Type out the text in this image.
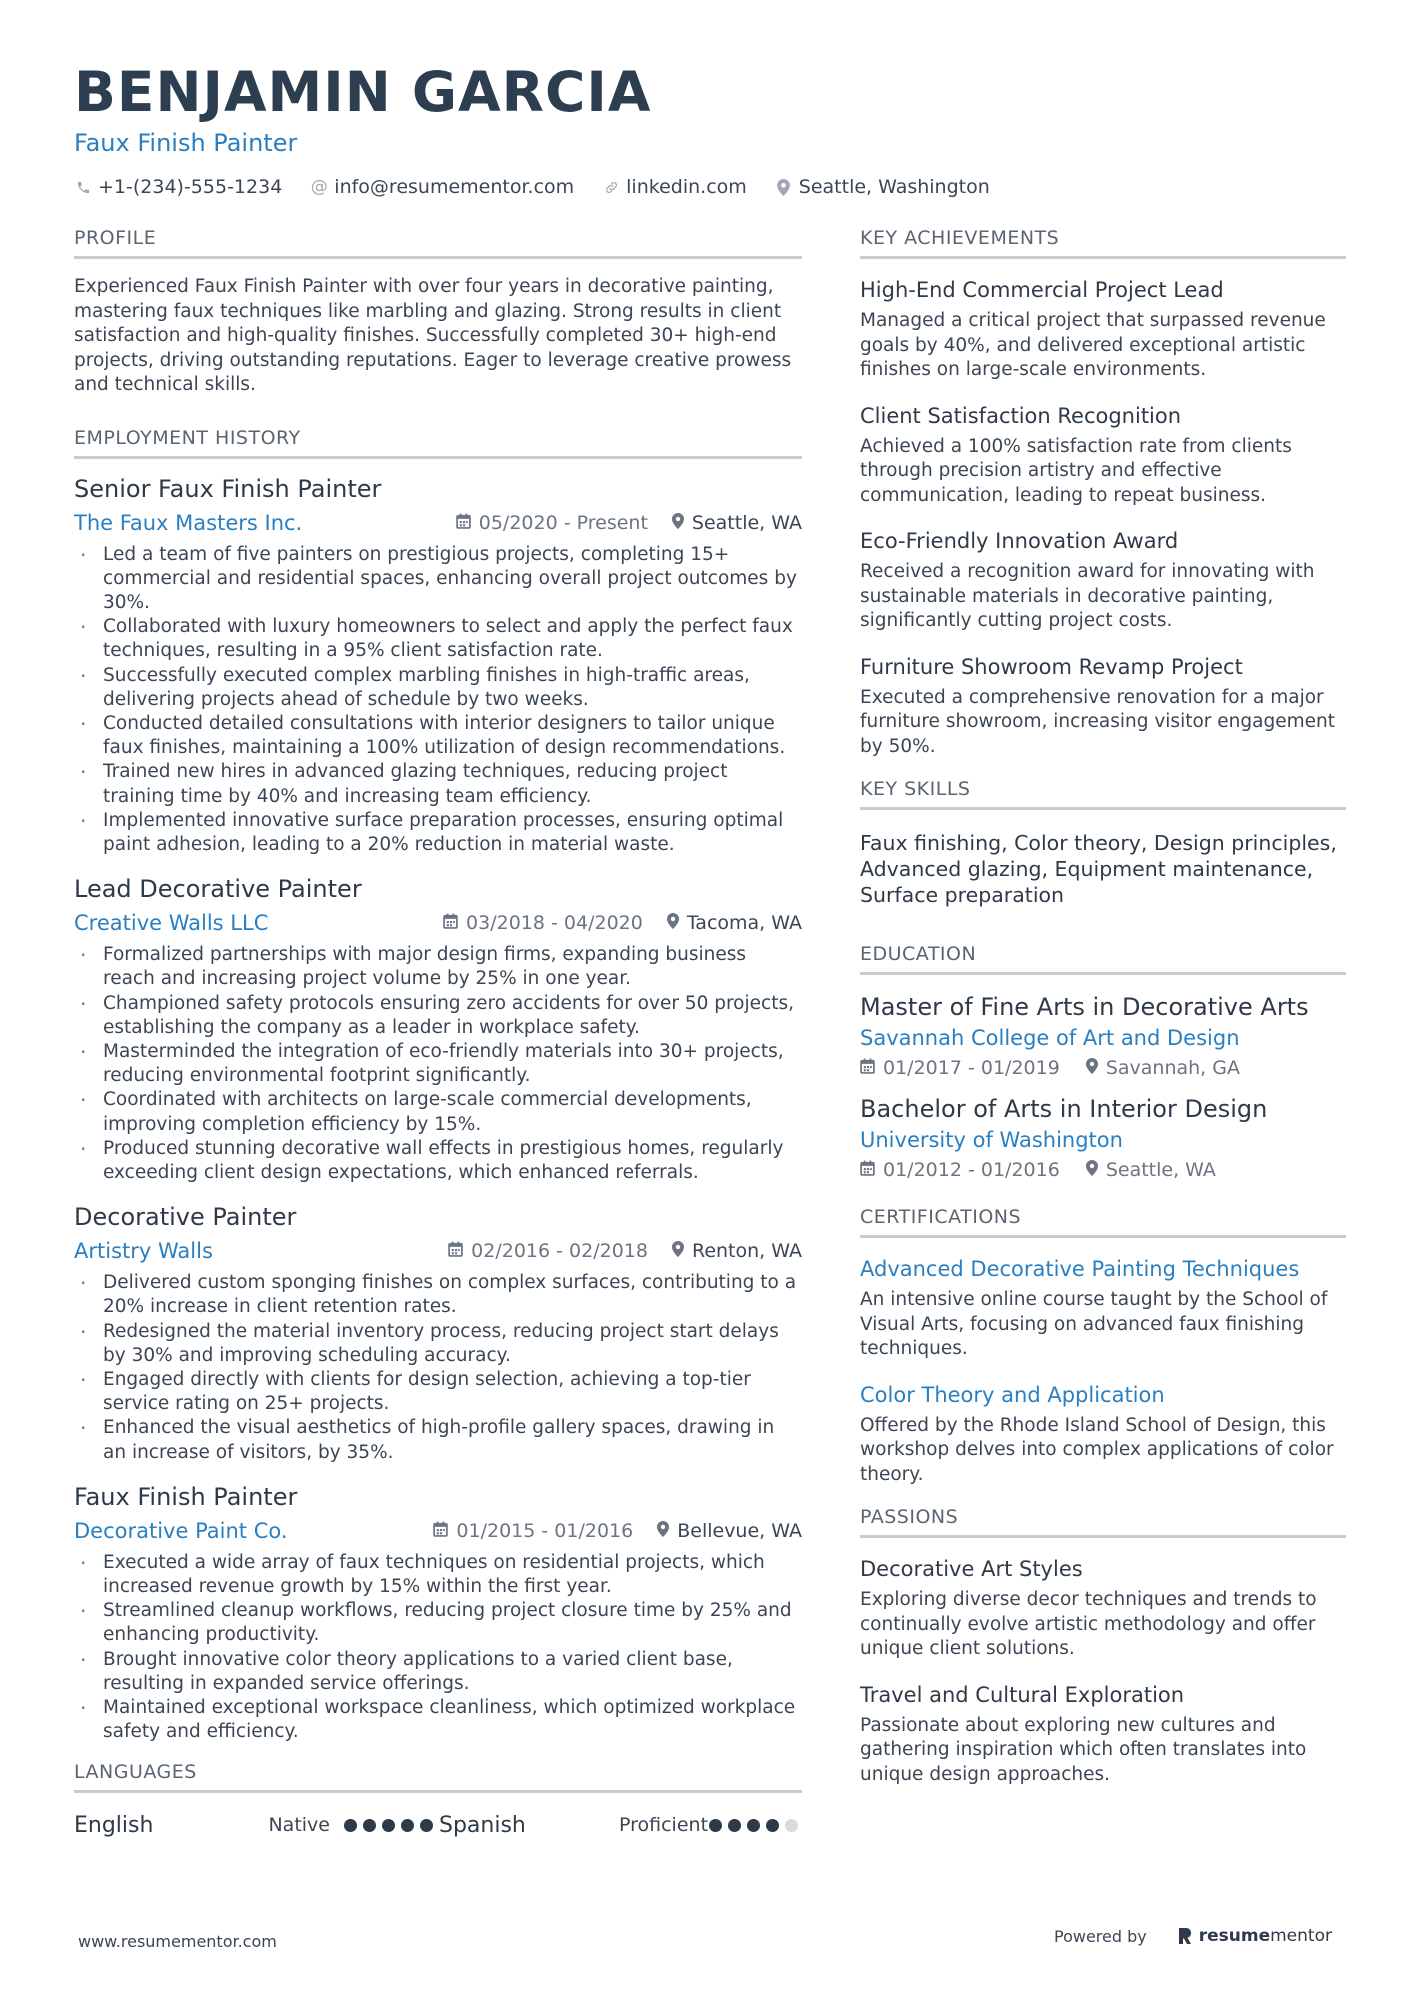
BENJAMIN GARCIA
Faux Finish Painter
+1-(234)-555-1234 @ info@resumementor.com	linkedin.com	Seattle, Washington
PROFILE
Experienced Faux Finish Painter with over four years in decorative painting, mastering faux techniques like marbling and glazing. Strong results in client satisfaction and high-quality finishes. Successfully completed 30+ high-end projects, driving outstanding reputations. Eager to leverage creative prowess and technical skills.
EMPLOYMENT HISTORY
Senior Faux Finish Painter
The Faux Masters Inc.	05/2020 - Present Seattle, WA
· Led a team of five painters on prestigious projects, completing 15+ commercial and residential spaces, enhancing overall project outcomes by 30%.
· Collaborated with luxury homeowners to select and apply the perfect faux techniques, resulting in a 95% client satisfaction rate.
· Successfully executed complex marbling finishes in high-traffic areas, delivering projects ahead of schedule by two weeks.
· Conducted detailed consultations with interior designers to tailor unique faux finishes, maintaining a 100% utilization of design recommendations.
· Trained new hires in advanced glazing techniques, reducing project training time by 40% and increasing team efficiency.
· Implemented innovative surface preparation processes, ensuring optimal paint adhesion, leading to a 20% reduction in material waste.
Lead Decorative Painter
Creative Walls LLC	03/2018 - 04/2020 Tacoma, WA
· Formalized partnerships with major design firms, expanding business reach and increasing project volume by 25% in one year.
· Championed safety protocols ensuring zero accidents for over 50 projects, establishing the company as a leader in workplace safety.
· Masterminded the integration of eco-friendly materials into 30+ projects, reducing environmental footprint significantly.
· Coordinated with architects on large-scale commercial developments, improving completion efficiency by 15%.
· Produced stunning decorative wall effects in prestigious homes, regularly exceeding client design expectations, which enhanced referrals.
Decorative Painter
Artistry Walls	02/2016 - 02/2018 Renton, WA
· Delivered custom sponging finishes on complex surfaces, contributing to a 20% increase in client retention rates.
· Redesigned the material inventory process, reducing project start delays by 30% and improving scheduling accuracy.
· Engaged directly with clients for design selection, achieving a top-tier service rating on 25+ projects.
· Enhanced the visual aesthetics of high-profile gallery spaces, drawing in an increase of visitors, by 35%.
Faux Finish Painter
Decorative Paint Co.	01/2015 - 01/2016 Bellevue, WA
· Executed a wide array of faux techniques on residential projects, which increased revenue growth by 15% within the first year.
· Streamlined cleanup workflows, reducing project closure time by 25% and enhancing productivity.
· Brought innovative color theory applications to a varied client base, resulting in expanded service offerings.
· Maintained exceptional workspace cleanliness, which optimized workplace safety and efficiency.
LANGUAGES
English	Native	Spanish	Proficient
KEY ACHIEVEMENTS
High-End Commercial Project Lead
Managed a critical project that surpassed revenue goals by 40%, and delivered exceptional artistic finishes on large-scale environments.
Client Satisfaction Recognition
Achieved a 100% satisfaction rate from clients through precision artistry and effective communication, leading to repeat business.
Eco-Friendly Innovation Award
Received a recognition award for innovating with sustainable materials in decorative painting, significantly cutting project costs.
Furniture Showroom Revamp Project
Executed a comprehensive renovation for a major furniture showroom, increasing visitor engagement by 50%.
KEY SKILLS
Faux finishing, Color theory, Design principles, Advanced glazing, Equipment maintenance, Surface preparation
EDUCATION
Master of Fine Arts in Decorative Arts
Savannah College of Art and Design
01/2017 - 01/2019 Savannah, GA
Bachelor of Arts in Interior Design
University of Washington
01/2012 - 01/2016 Seattle, WA
CERTIFICATIONS
Advanced Decorative Painting Techniques
An intensive online course taught by the School of Visual Arts, focusing on advanced faux finishing techniques.
Color Theory and Application
Offered by the Rhode Island School of Design, this workshop delves into complex applications of color theory.
PASSIONS
Decorative Art Styles
Exploring diverse decor techniques and trends to continually evolve artistic methodology and offer unique client solutions.
Travel and Cultural Exploration
Passionate about exploring new cultures and gathering inspiration which often translates into unique design approaches.
www.resumementor.com	Powered by	resume mentor
